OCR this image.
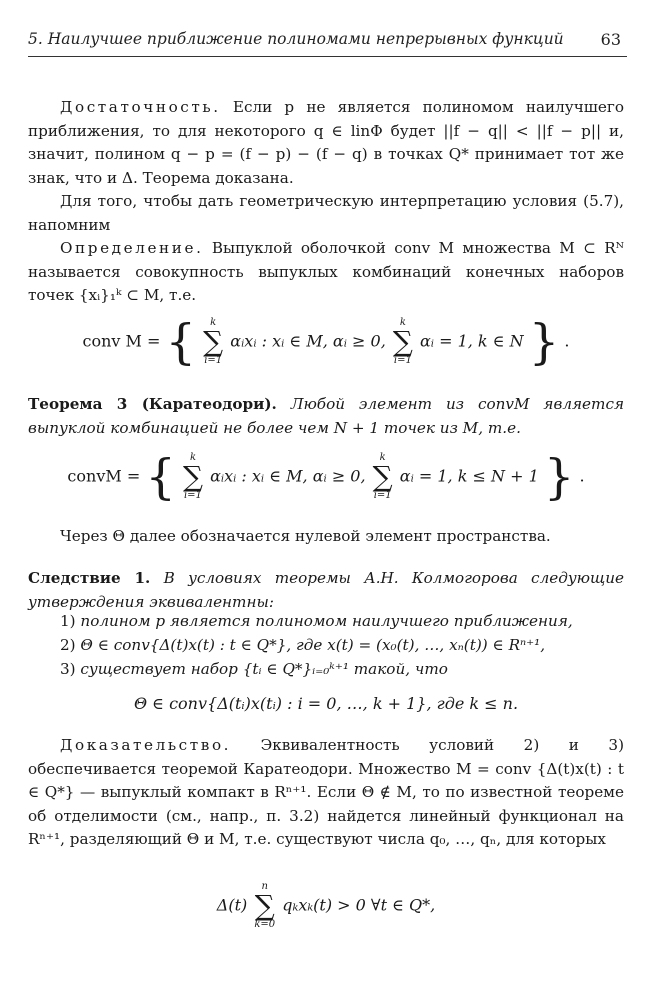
5. Наилучшее приближение полиномами непрерывных функций	63

Достаточность. Если p не является полиномом наилучшего приближения, то для некоторого q ∈ linΦ будет ||f − q|| < ||f − p|| и, значит, полином q − p = (f − p) − (f − q) в точках Q* принимает тот же знак, что и Δ. Теорема доказана.

Для того, чтобы дать геометрическую интерпретацию условия (5.7), напомним

Определение. Выпуклой оболочкой conv M множества M ⊂ Rᴺ называется совокупность выпуклых комбинаций конечных наборов точек {xᵢ}₁ᵏ ⊂ M, т.е.

conv M = {	k
∑
i=1
αᵢxᵢ : xᵢ ∈ M, αᵢ ≥ 0,
k
∑
i=1
αᵢ = 1, k ∈ N } .

Теорема 3 (Каратеодори). Любой элемент из convM является выпуклой комбинацией не более чем N + 1 точек из M, т.е.

convM = {	k
∑
i=1
αᵢxᵢ : xᵢ ∈ M, αᵢ ≥ 0,
k
∑
i=1
αᵢ = 1, k ≤ N + 1 } .

Через Θ далее обозначается нулевой элемент пространства.

Следствие 1. В условиях теоремы А.Н. Колмогорова следующие утверждения эквивалентны:

1) полином p является полиномом наилучшего приближения,
2) Θ ∈ conv{Δ(t)x(t) : t ∈ Q*}, где x(t) = (x₀(t), …, xₙ(t)) ∈ Rⁿ⁺¹,
3) существует набор {tᵢ ∈ Q*}ᵢ₌₀ᵏ⁺¹ такой, что
Θ ∈ conv{Δ(tᵢ)x(tᵢ) : i = 0, …, k + 1}, где k ≤ n.

Доказательство. Эквивалентность условий 2) и 3) обеспечивается теоремой Каратеодори. Множество M = conv {Δ(t)x(t) : t ∈ Q*} — выпуклый компакт в Rⁿ⁺¹. Если Θ ∉ M, то по известной теореме об отделимости (см., напр., п. 3.2) найдется линейный функционал на Rⁿ⁺¹, разделяющий Θ и M, т.е. существуют числа q₀, …, qₙ, для которых

Δ(t)
n
∑
k=0
qₖxₖ(t) > 0 ∀t ∈ Q*,
